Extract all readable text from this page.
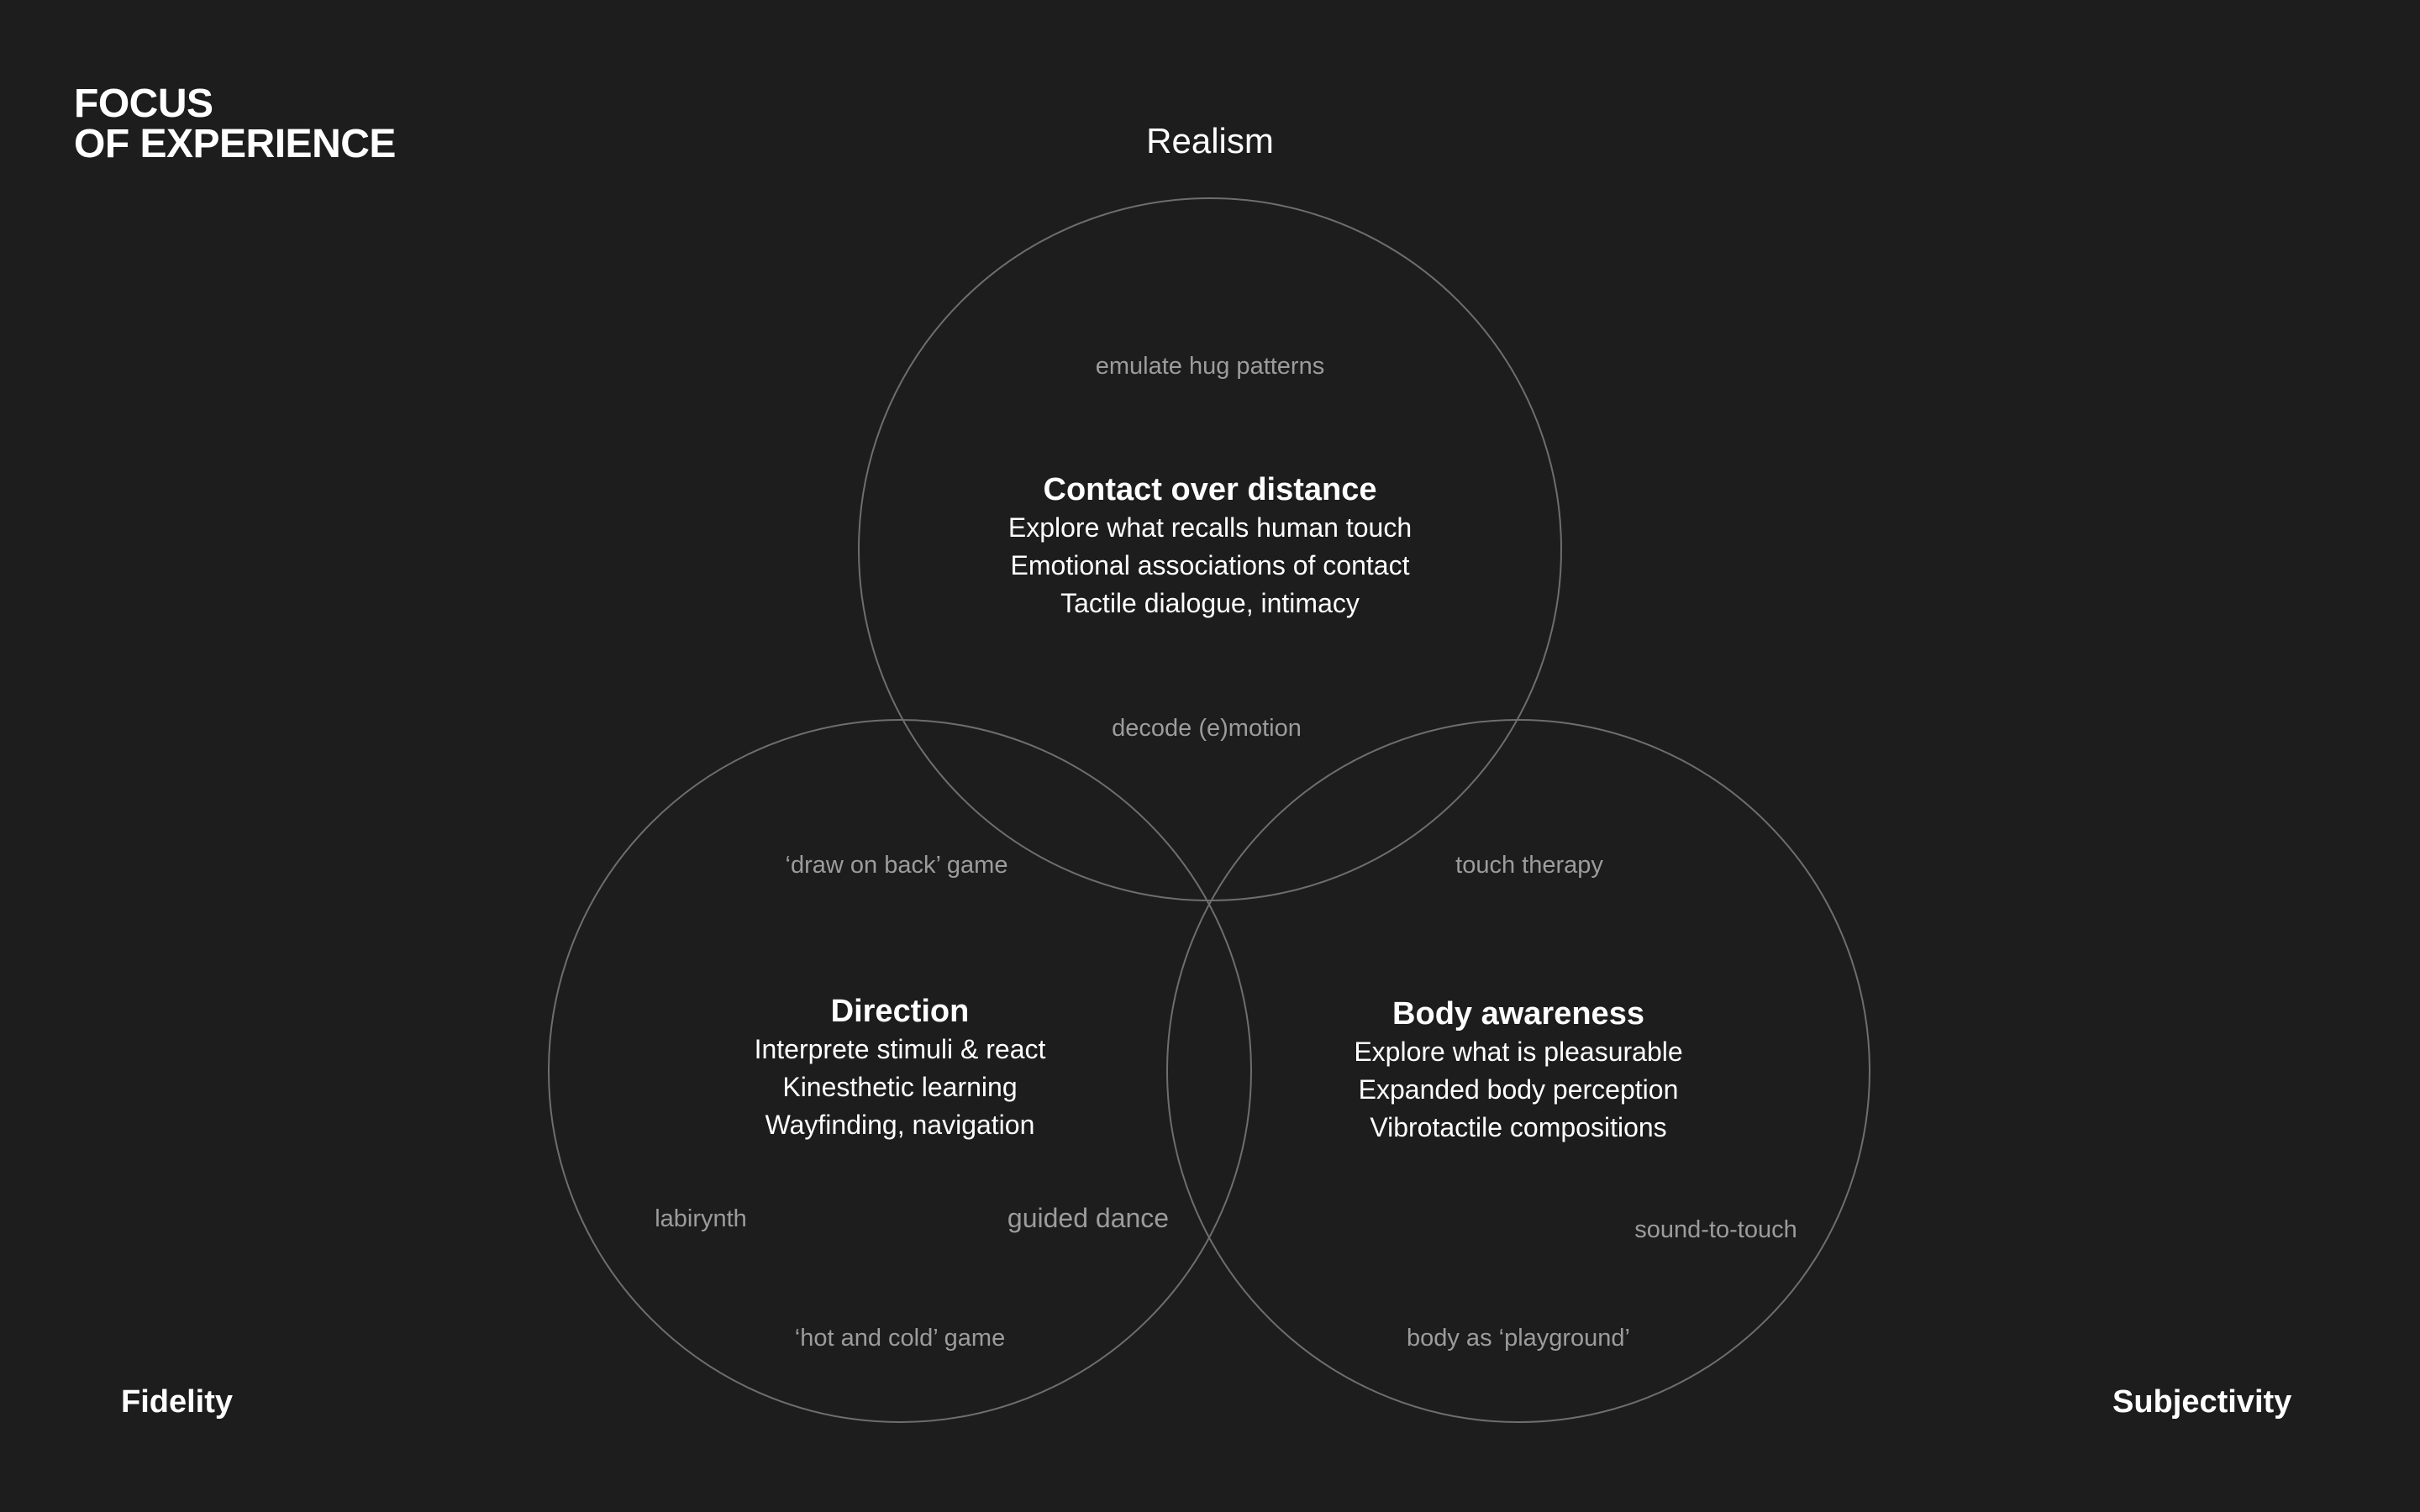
FOCUS
OF EXPERIENCE	Realism
Fidelity	Subjectivity
Contact over distance
Explore what recalls human touch
Emotional associations of contact
Tactile dialogue, intimacy
Direction
Interprete stimuli & react
Kinesthetic learning
Wayfinding, navigation
Body awareness
Explore what is pleasurable
Expanded body perception
Vibrotactile compositions
emulate hug patterns
decode (e)motion
‘draw on back’ game	touch therapy
labirynth	guided dance	sound-to-touch
‘hot and cold’ game	body as ‘playground’
